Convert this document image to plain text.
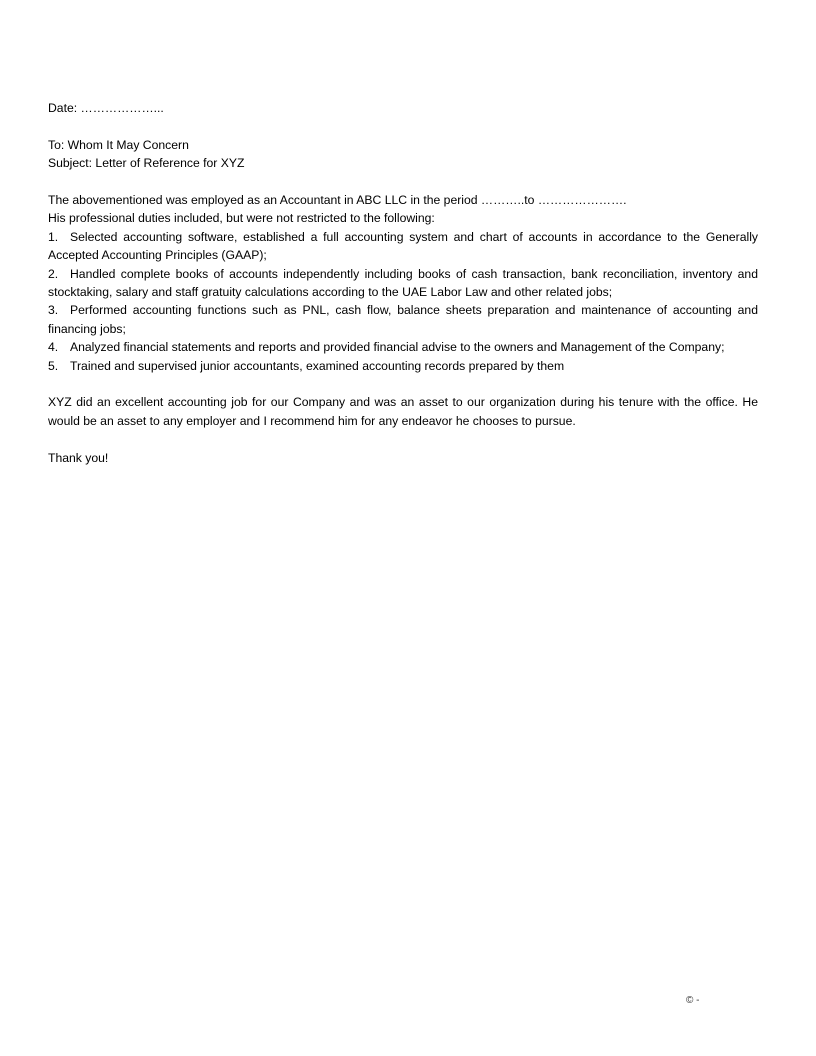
Date: ………………...
To: Whom It May Concern
Subject: Letter of Reference for XYZ
The abovementioned was employed as an Accountant in ABC LLC in the period ………..to ………………….
His professional duties included, but were not restricted to the following:
1. Selected accounting software, established a full accounting system and chart of accounts in accordance to the Generally Accepted Accounting Principles (GAAP);
2. Handled complete books of accounts independently including books of cash transaction, bank reconciliation, inventory and stocktaking, salary and staff gratuity calculations according to the UAE Labor Law and other related jobs;
3. Performed accounting functions such as PNL, cash flow, balance sheets preparation and maintenance of accounting and financing jobs;
4. Analyzed financial statements and reports and provided financial advise to the owners and Management of the Company;
5. Trained and supervised junior accountants, examined accounting records prepared by them

XYZ did an excellent accounting job for our Company and was an asset to our organization during his tenure with the office. He would be an asset to any employer and I recommend him for any endeavor he chooses to pursue.

Thank you!
© -
